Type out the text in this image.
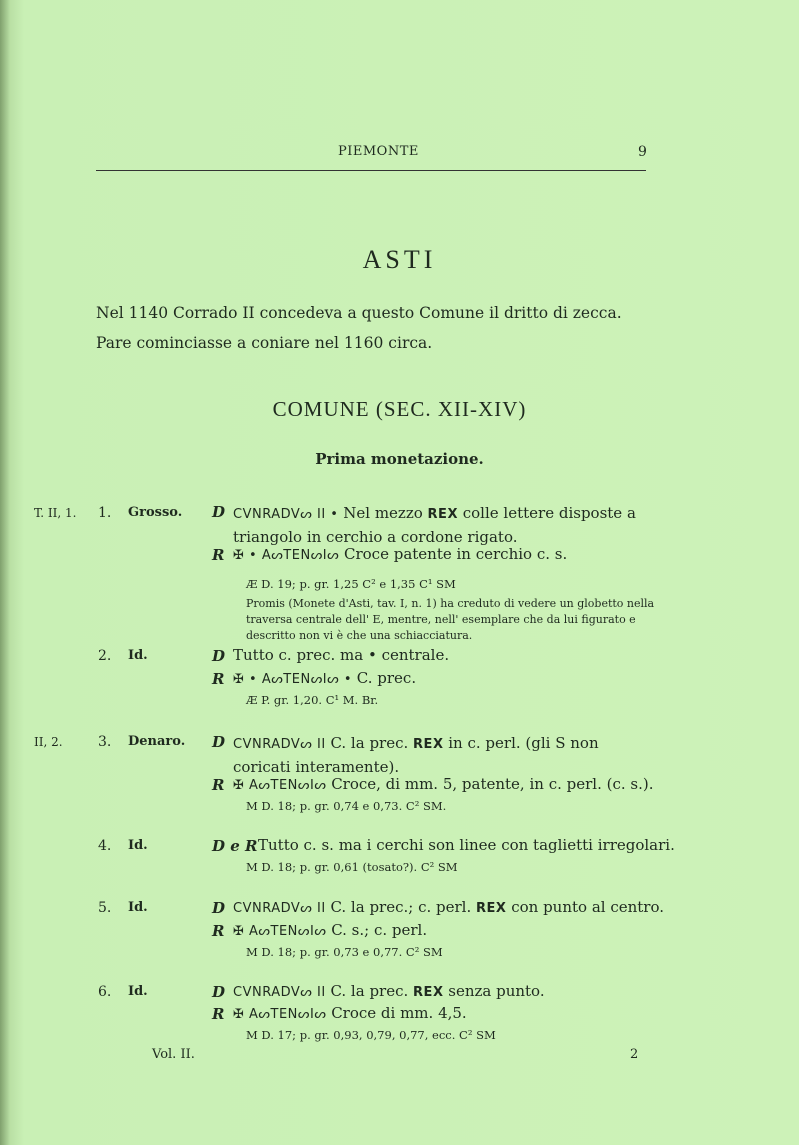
PIEMONTE	9
ASTI
Nel 1140 Corrado II concedeva a questo Comune il dritto di zecca. Pare cominciasse a coniare nel 1160 circa.
COMUNE (SEC. XII-XIV)
Prima monetazione.
T. II, 1. 1. Grosso. D CVNRADVᔕ II • Nel mezzo REX colle lettere disposte a triangolo in cerchio a cordone rigato.
R ✠ • AᔕTENᔕIᔕ Croce patente in cerchio c. s.
Æ D. 19; p. gr. 1,25 C² e 1,35 C¹ SM
Promis (Monete d'Asti, tav. I, n. 1) ha creduto di vedere un globetto nella traversa centrale dell' E, mentre, nell' esemplare che da lui figurato e descritto non vi è che una schiacciatura.
2. Id.	D Tutto c. prec. ma • centrale.
R ✠ • AᔕTENᔕIᔕ • C. prec.
Æ P. gr. 1,20. C¹ M. Br.
II, 2.	3. Denaro. D CVNRADVᔕ II C. la prec. REX in c. perl. (gli S non coricati interamente).
R ✠ AᔕTENᔕIᔕ Croce, di mm. 5, patente, in c. perl. (c. s.).
M D. 18; p. gr. 0,74 e 0,73. C² SM.
4. Id.	D e R Tutto c. s. ma i cerchi son linee con taglietti irregolari.
M D. 18; p. gr. 0,61 (tosato?). C² SM
5. Id.	D CVNRADVᔕ II C. la prec.; c. perl. REX con punto al centro.
R ✠ AᔕTENᔕIᔕ C. s.; c. perl.
M D. 18; p. gr. 0,73 e 0,77. C² SM
6. Id.	D CVNRADVᔕ II C. la prec. REX senza punto.
R ✠ AᔕTENᔕIᔕ Croce di mm. 4,5.
M D. 17; p. gr. 0,93, 0,79, 0,77, ecc. C² SM
Vol. II.	2
